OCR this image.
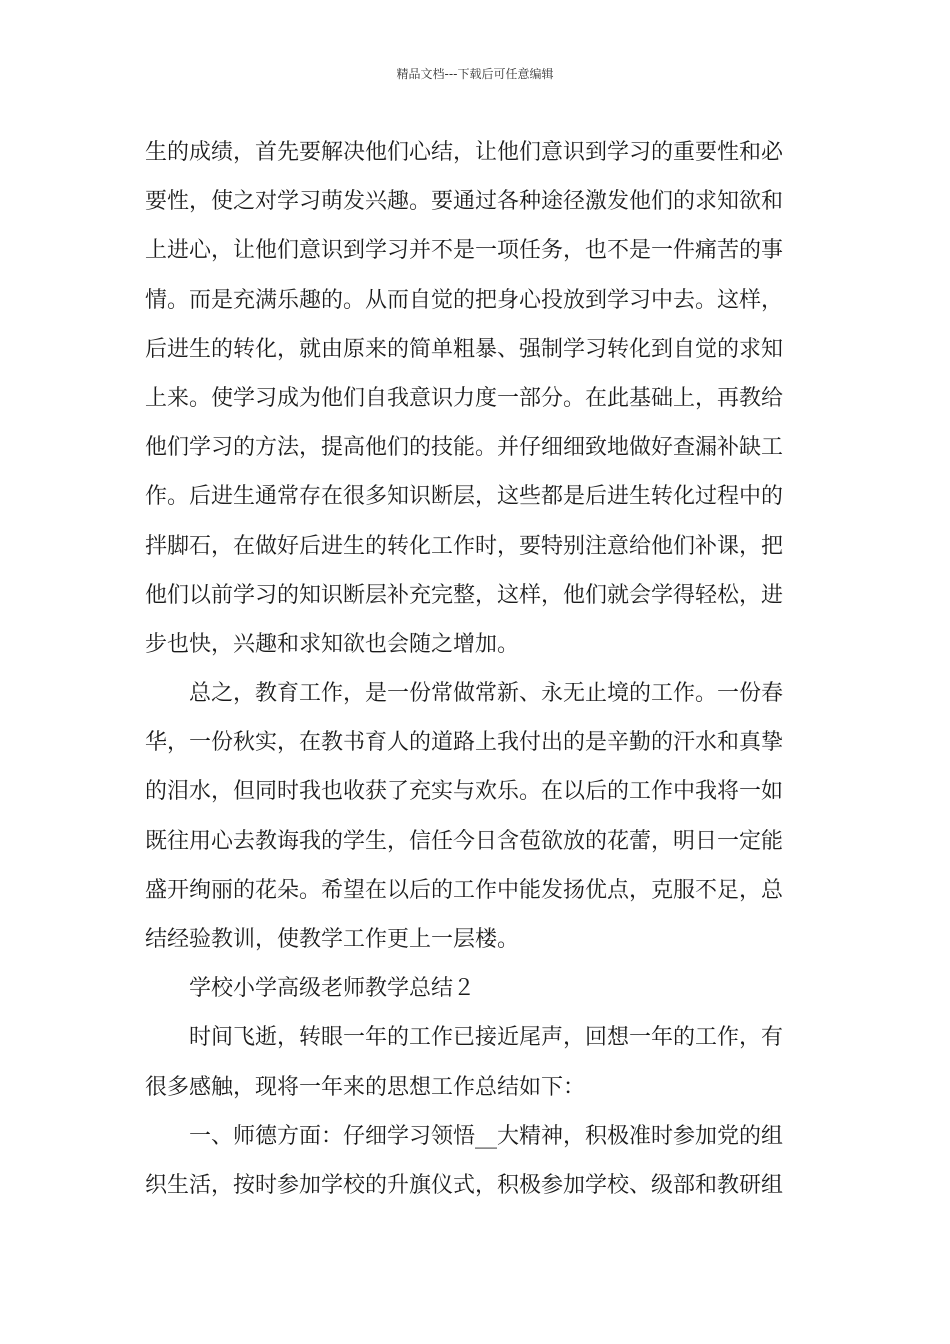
精品文档---下载后可任意编辑
生的成绩，首先要解决他们心结，让他们意识到学习的重要性和必
要性，使之对学习萌发兴趣。要通过各种途径激发他们的求知欲和
上进心，让他们意识到学习并不是一项任务，也不是一件痛苦的事
情。而是充满乐趣的。从而自觉的把身心投放到学习中去。这样，
后进生的转化，就由原来的简单粗暴、强制学习转化到自觉的求知
上来。使学习成为他们自我意识力度一部分。在此基础上，再教给
他们学习的方法，提高他们的技能。并仔细细致地做好查漏补缺工
作。后进生通常存在很多知识断层，这些都是后进生转化过程中的
拌脚石，在做好后进生的转化工作时，要特别注意给他们补课，把
他们以前学习的知识断层补充完整，这样，他们就会学得轻松，进
步也快，兴趣和求知欲也会随之增加。
总之，教育工作，是一份常做常新、永无止境的工作。一份春
华，一份秋实，在教书育人的道路上我付出的是辛勤的汗水和真挚
的泪水，但同时我也收获了充实与欢乐。在以后的工作中我将一如
既往用心去教诲我的学生，信任今日含苞欲放的花蕾，明日一定能
盛开绚丽的花朵。希望在以后的工作中能发扬优点，克服不足，总
结经验教训，使教学工作更上一层楼。
学校小学高级老师教学总结２
时间飞逝，转眼一年的工作已接近尾声，回想一年的工作，有
很多感触，现将一年来的思想工作总结如下：
一、师德方面：仔细学习领悟__大精神，积极准时参加党的组
织生活，按时参加学校的升旗仪式，积极参加学校、级部和教研组
